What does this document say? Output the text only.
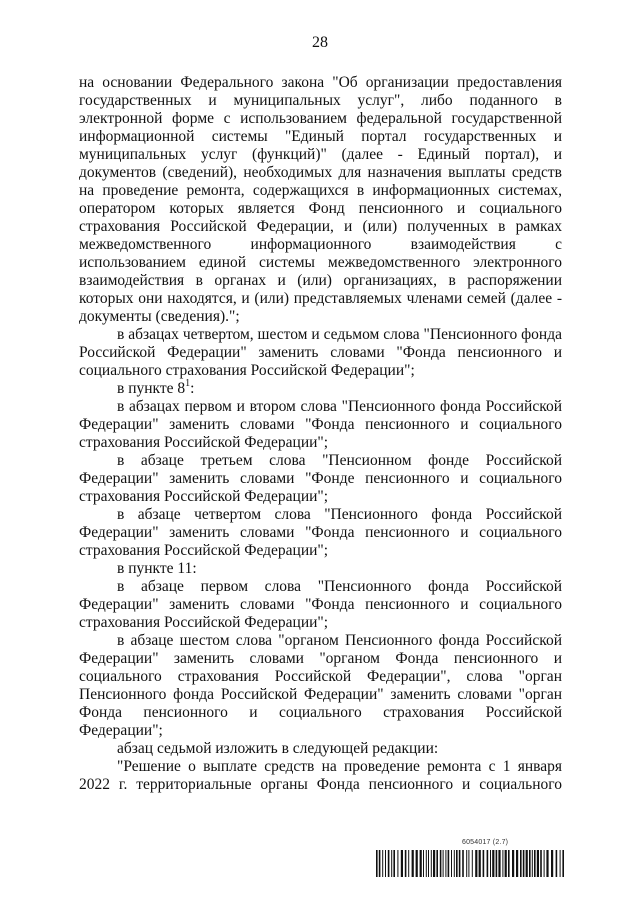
28

на основании Федерального закона "Об организации предоставления государственных и муниципальных услуг", либо поданного в электронной форме с использованием федеральной государственной информационной системы "Единый портал государственных и муниципальных услуг (функций)" (далее - Единый портал), и документов (сведений), необходимых для назначения выплаты средств на проведение ремонта, содержащихся в информационных системах, оператором которых является Фонд пенсионного и социального страхования Российской Федерации, и (или) полученных в рамках межведомственного информационного взаимодействия с использованием единой системы межведомственного электронного взаимодействия в органах и (или) организациях, в распоряжении которых они находятся, и (или) представляемых членами семей (далее - документы (сведения).";

в абзацах четвертом, шестом и седьмом слова "Пенсионного фонда Российской Федерации" заменить словами "Фонда пенсионного и социального страхования Российской Федерации";

в пункте $8^1$:

в абзацах первом и втором слова "Пенсионного фонда Российской Федерации" заменить словами "Фонда пенсионного и социального страхования Российской Федерации";

в абзаце третьем слова "Пенсионном фонде Российской Федерации" заменить словами "Фонде пенсионного и социального страхования Российской Федерации";

в абзаце четвертом слова "Пенсионного фонда Российской Федерации" заменить словами "Фонда пенсионного и социального страхования Российской Федерации";

в пункте 11:

в абзаце первом слова "Пенсионного фонда Российской Федерации" заменить словами "Фонда пенсионного и социального страхования Российской Федерации";

в абзаце шестом слова "органом Пенсионного фонда Российской Федерации" заменить словами "органом Фонда пенсионного и социального страхования Российской Федерации", слова "орган Пенсионного фонда Российской Федерации" заменить словами "орган Фонда пенсионного и социального страхования Российской Федерации";

абзац седьмой изложить в следующей редакции:

"Решение о выплате средств на проведение ремонта с 1 января 2022 г. территориальные органы Фонда пенсионного и социального

6054017 (2.7)
